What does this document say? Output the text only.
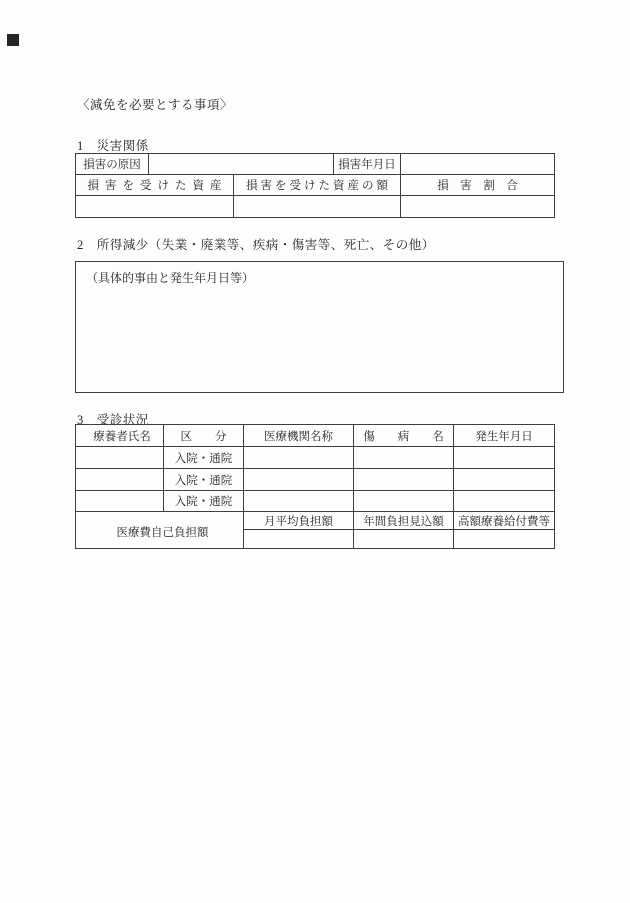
〈減免を必要とする事項〉
1　災害関係
損害の原因			損害年月日	
損害を受けた資産		損害を受けた資産の額		損　害　割　合

2　所得減少（失業・廃業等、疾病・傷害等、死亡、その他）
（具体的事由と発生年月日等）
3　受診状況
療養者氏名	区　　分	医療機関名称	傷　　病　　名	発生年月日
	入院・通院			
	入院・通院			
	入院・通院			
医療費自己負担額		月平均負担額	年間負担見込額	高額療養給付費等
